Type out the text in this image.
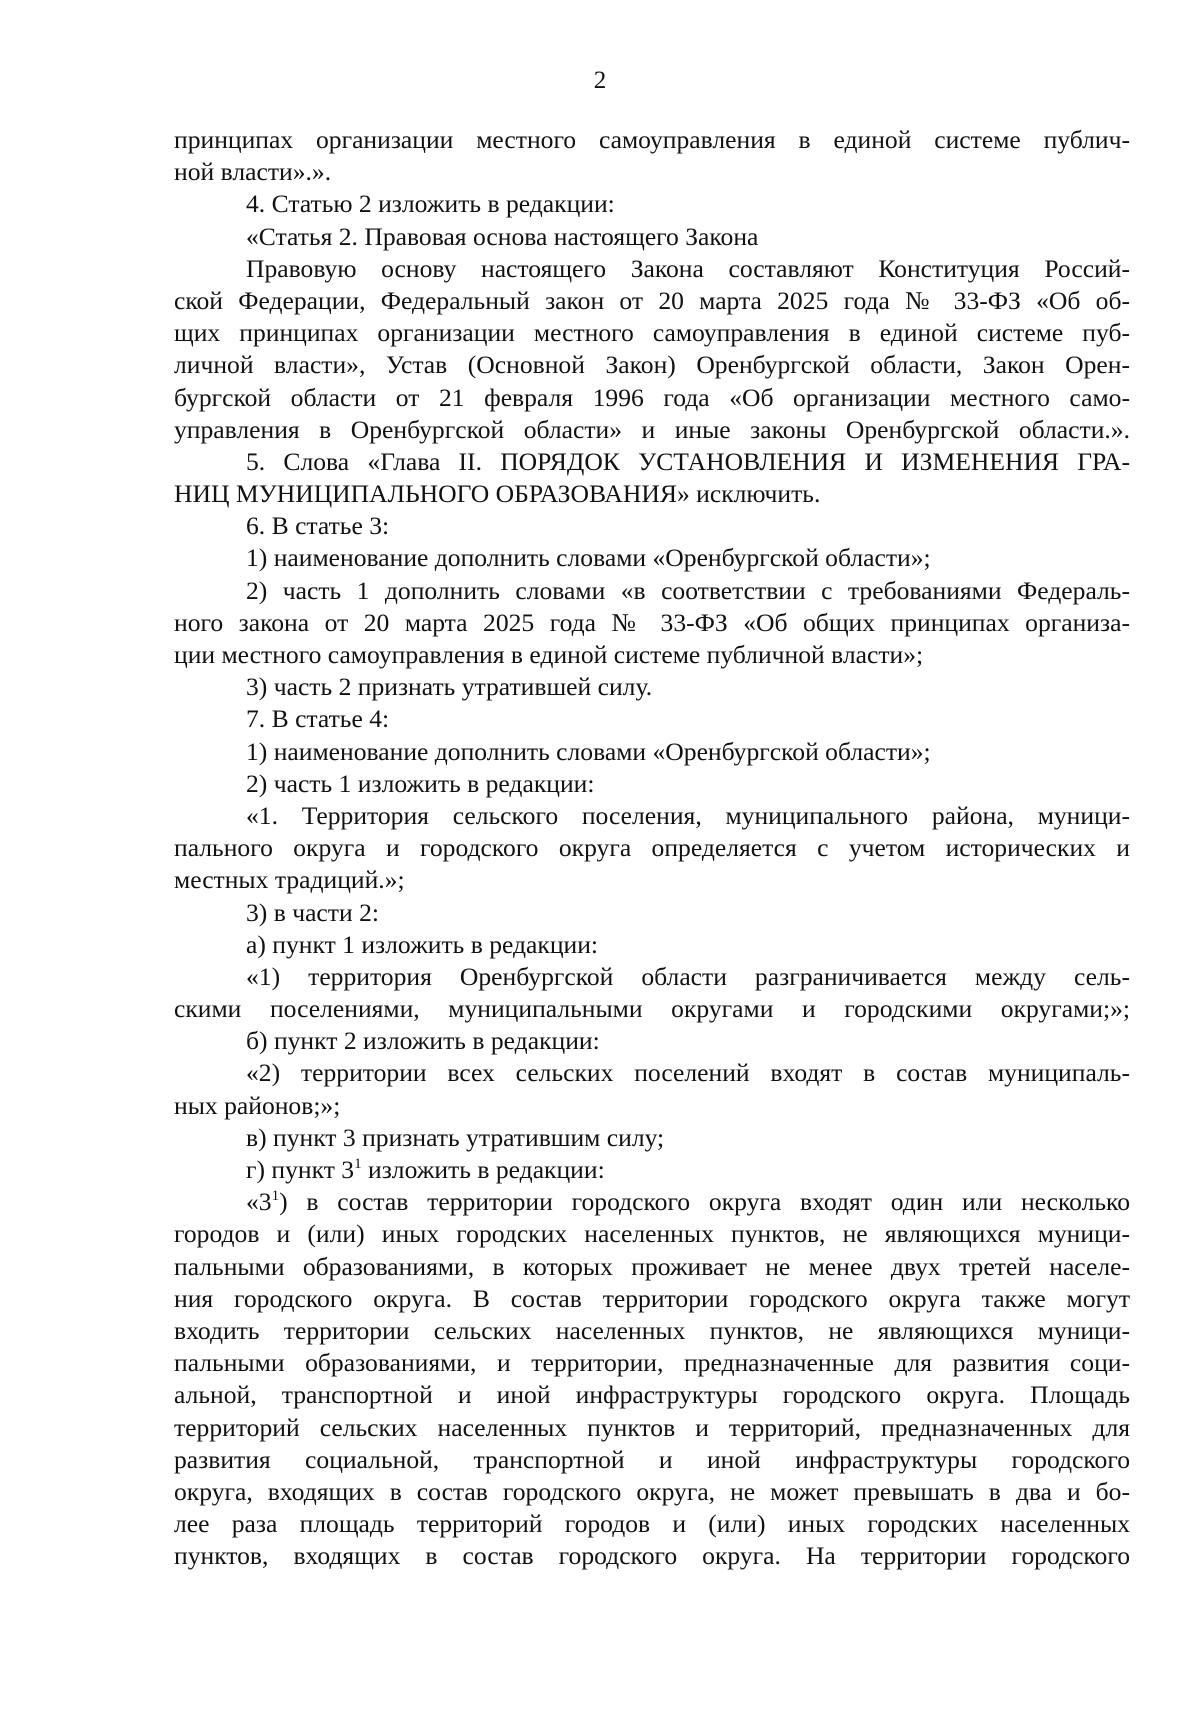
2
принципах организации местного самоуправления в единой системе публич-
ной власти».».
4. Статью 2 изложить в редакции:
«Статья 2. Правовая основа настоящего Закона
Правовую основу настоящего Закона составляют Конституция Россий-
ской Федерации, Федеральный закон от 20 марта 2025 года № 33-ФЗ «Об об-
щих принципах организации местного самоуправления в единой системе пуб-
личной власти», Устав (Основной Закон) Оренбургской области, Закон Орен-
бургской области от 21 февраля 1996 года «Об организации местного само-
управления в Оренбургской области» и иные законы Оренбургской области.».
5. Слова «Глава II. ПОРЯДОК УСТАНОВЛЕНИЯ И ИЗМЕНЕНИЯ ГРА-
НИЦ МУНИЦИПАЛЬНОГО ОБРАЗОВАНИЯ» исключить.
6. В статье 3:
1) наименование дополнить словами «Оренбургской области»;
2) часть 1 дополнить словами «в соответствии с требованиями Федераль-
ного закона от 20 марта 2025 года № 33-ФЗ «Об общих принципах организа-
ции местного самоуправления в единой системе публичной власти»;
3) часть 2 признать утратившей силу.
7. В статье 4:
1) наименование дополнить словами «Оренбургской области»;
2) часть 1 изложить в редакции:
«1. Территория сельского поселения, муниципального района, муници-
пального округа и городского округа определяется с учетом исторических и
местных традиций.»;
3) в части 2:
а) пункт 1 изложить в редакции:
«1) территория Оренбургской области разграничивается между сель-
скими поселениями, муниципальными округами и городскими округами;»;
б) пункт 2 изложить в редакции:
«2) территории всех сельских поселений входят в состав муниципаль-
ных районов;»;
в) пункт 3 признать утратившим силу;
г) пункт $3^1$ изложить в редакции:
«$3^1$) в состав территории городского округа входят один или несколько
городов и (или) иных городских населенных пунктов, не являющихся муници-
пальными образованиями, в которых проживает не менее двух третей населе-
ния городского округа. В состав территории городского округа также могут
входить территории сельских населенных пунктов, не являющихся муници-
пальными образованиями, и территории, предназначенные для развития соци-
альной, транспортной и иной инфраструктуры городского округа. Площадь
территорий сельских населенных пунктов и территорий, предназначенных для
развития социальной, транспортной и иной инфраструктуры городского
округа, входящих в состав городского округа, не может превышать в два и бо-
лее раза площадь территорий городов и (или) иных городских населенных
пунктов, входящих в состав городского округа. На территории городского
